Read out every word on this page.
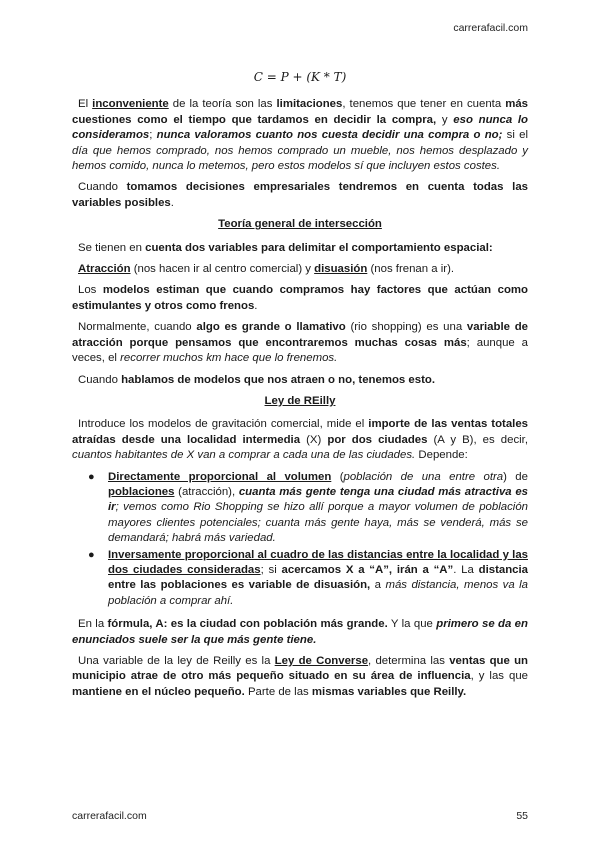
carrerafacil.com

C = P + (K * T)

El inconveniente de la teoría son las limitaciones, tenemos que tener en cuenta más cuestiones como el tiempo que tardamos en decidir la compra, y eso nunca lo consideramos; nunca valoramos cuanto nos cuesta decidir una compra o no; si el día que hemos comprado, nos hemos comprado un mueble, nos hemos desplazado y hemos comido, nunca lo metemos, pero estos modelos sí que incluyen estos costes.

Cuando tomamos decisiones empresariales tendremos en cuenta todas las variables posibles.

Teoría general de intersección

Se tienen en cuenta dos variables para delimitar el comportamiento espacial:

Atracción (nos hacen ir al centro comercial) y disuasión (nos frenan a ir).

Los modelos estiman que cuando compramos hay factores que actúan como estimulantes y otros como frenos.

Normalmente, cuando algo es grande o llamativo (rio shopping) es una variable de atracción porque pensamos que encontraremos muchas cosas más; aunque a veces, el recorrer muchos km hace que lo frenemos.

Cuando hablamos de modelos que nos atraen o no, tenemos esto.

Ley de REilly

Introduce los modelos de gravitación comercial, mide el importe de las ventas totales atraídas desde una localidad intermedia (X) por dos ciudades (A y B), es decir, cuantos habitantes de X van a comprar a cada una de las ciudades. Depende:

● Directamente proporcional al volumen (población de una entre otra) de poblaciones (atracción), cuanta más gente tenga una ciudad más atractiva es ir; vemos como Rio Shopping se hizo allí porque a mayor volumen de población mayores clientes potenciales; cuanta más gente haya, más se venderá, más se demandará; habrá más variedad.
● Inversamente proporcional al cuadro de las distancias entre la localidad y las dos ciudades consideradas; si acercamos X a “A”, irán a “A”. La distancia entre las poblaciones es variable de disuasión, a más distancia, menos va la población a comprar ahí.

En la fórmula, A: es la ciudad con población más grande. Y la que primero se da en enunciados suele ser la que más gente tiene.

Una variable de la ley de Reilly es la Ley de Converse, determina las ventas que un municipio atrae de otro más pequeño situado en su área de influencia, y las que mantiene en el núcleo pequeño. Parte de las mismas variables que Reilly.

carrerafacil.com	55
